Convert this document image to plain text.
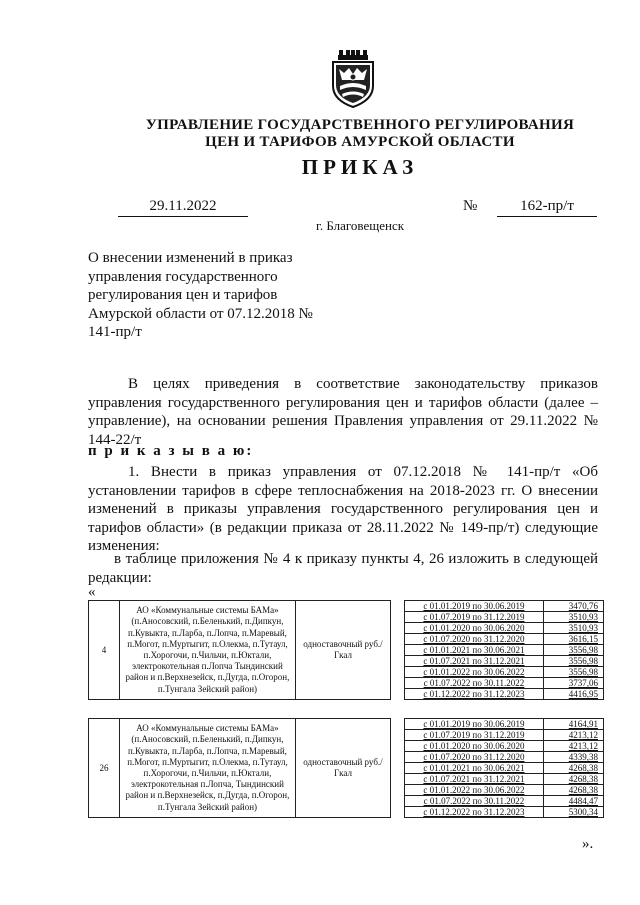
УПРАВЛЕНИЕ ГОСУДАРСТВЕННОГО РЕГУЛИРОВАНИЯ
ЦЕН И ТАРИФОВ АМУРСКОЙ ОБЛАСТИ
ПРИКАЗ
29.11.2022	№	162-пр/т
г. Благовещенск
О внесении изменений в приказ управления государственного регулирования цен и тарифов Амурской области от 07.12.2018 № 141-пр/т
В целях приведения в соответствие законодательству приказов управления государственного регулирования цен и тарифов области (далее – управление), на основании решения Правления управления от 29.11.2022 № 144-22/т
п р и к а з ы в а ю:
1. Внести в приказ управления от 07.12.2018 № 141-пр/т «Об установлении тарифов в сфере теплоснабжения на 2018-2023 гг. О внесении изменений в приказы управления государственного регулирования цен и тарифов области» (в редакции приказа от 28.11.2022 № 149-пр/т) следующие изменения:
в таблице приложения № 4 к приказу пункты 4, 26 изложить в следующей редакции:
«
4	АО «Коммунальные системы БАМа» (п.Аносовский, п.Беленький, п.Дипкун, п.Кувыкта, п.Ларба, п.Лопча, п.Маревый, п.Могот, п.Муртыгит, п.Олекма, п.Тутаул, п.Хорогочи, п.Чильчи, п.Юктали, электрокотельная п.Лопча Тындинский район и п.Верхнезейск, п.Дугда, п.Огорон, п.Тунгала Зейский район)	одноставочный руб./Гкал		с 01.01.2019 по 30.06.2019	3470,76
				с 01.07.2019 по 31.12.2019	3510,93
				с 01.01.2020 по 30.06.2020	3510,93
				с 01.07.2020 по 31.12.2020	3616,15
				с 01.01.2021 по 30.06.2021	3556,98
				с 01.07.2021 по 31.12.2021	3556,98
				с 01.01.2022 по 30.06.2022	3556,98
				с 01.07.2022 по 30.11.2022	3737,06
				с 01.12.2022 по 31.12.2023	4416,95
26	АО «Коммунальные системы БАМа» (п.Аносовский, п.Беленький, п.Дипкун, п.Кувыкта, п.Ларба, п.Лопча, п.Маревый, п.Могот, п.Муртыгит, п.Олекма, п.Тутаул, п.Хорогочи, п.Чильчи, п.Юктали, электрокотельная п.Лопча, Тындинский район и п.Верхнезейск, п.Дугда, п.Огорон, п.Тунгала Зейский район)	одноставочный руб./Гкал		с 01.01.2019 по 30.06.2019	4164,91
				с 01.07.2019 по 31.12.2019	4213,12
				с 01.01.2020 по 30.06.2020	4213,12
				с 01.07.2020 по 31.12.2020	4339,38
				с 01.01.2021 по 30.06.2021	4268,38
				с 01.07.2021 по 31.12.2021	4268,38
				с 01.01.2022 по 30.06.2022	4268,38
				с 01.07.2022 по 30.11.2022	4484,47
				с 01.12.2022 по 31.12.2023	5300,34
».
